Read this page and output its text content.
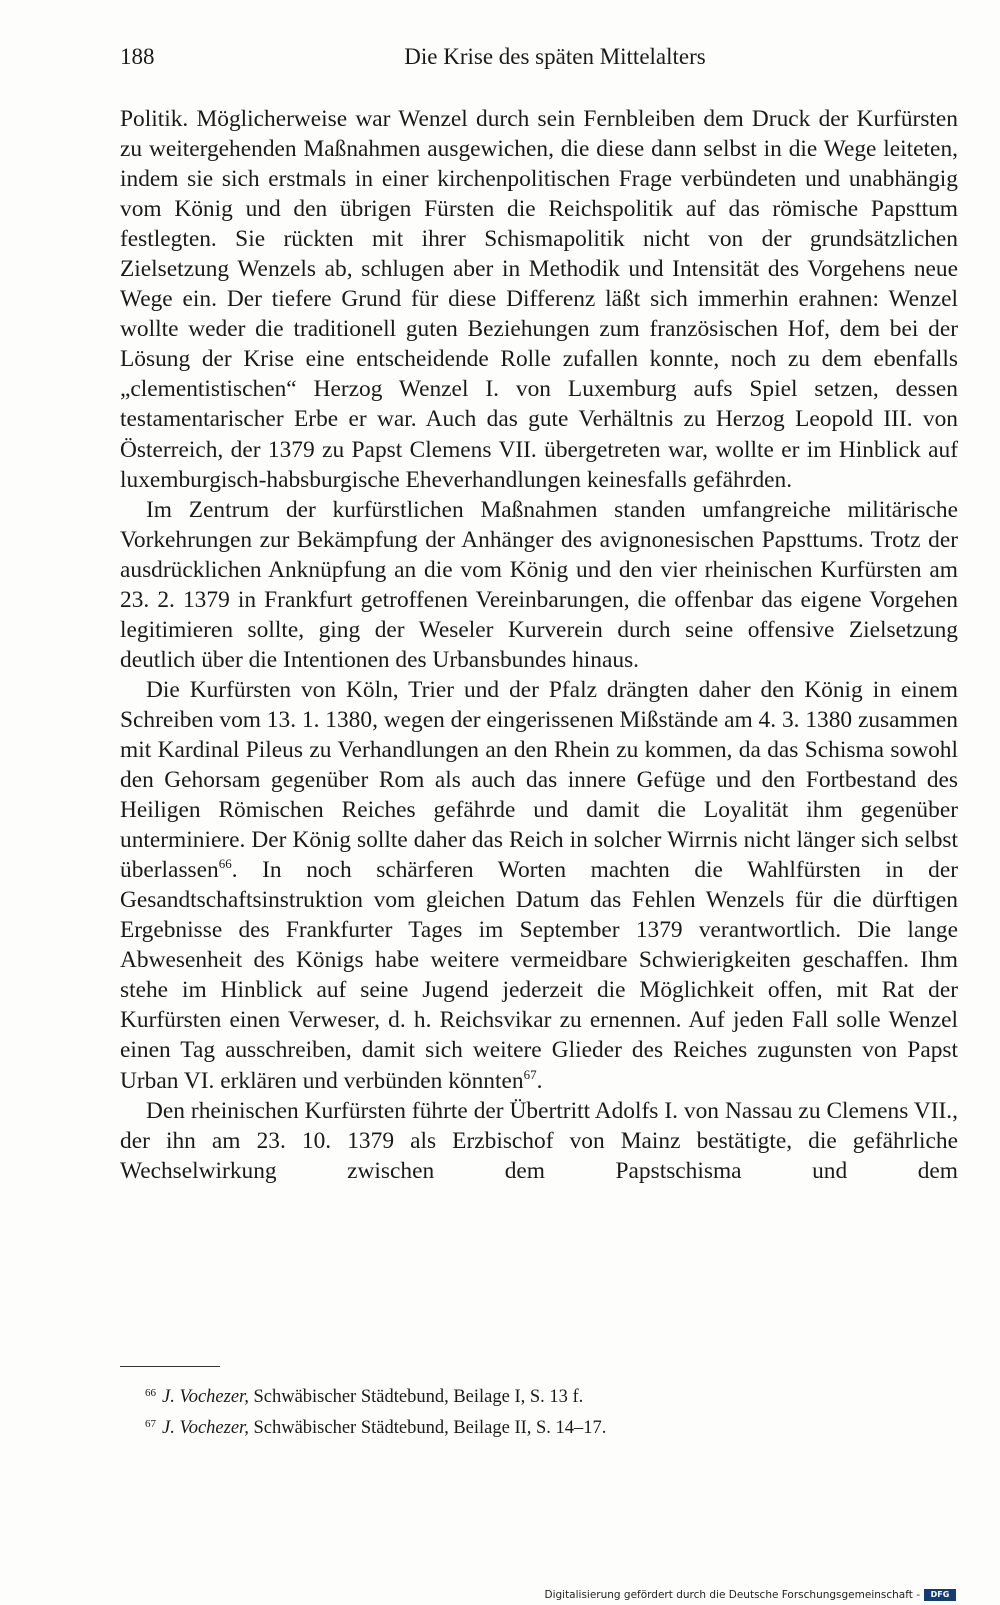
188	Die Krise des späten Mittelalters

Politik. Möglicherweise war Wenzel durch sein Fernbleiben dem Druck der Kurfürsten zu weitergehenden Maßnahmen ausgewichen, die diese dann selbst in die Wege leiteten, indem sie sich erstmals in einer kirchenpolitischen Frage verbündeten und unabhängig vom König und den übrigen Fürsten die Reichspolitik auf das römische Papsttum festlegten. Sie rückten mit ihrer Schismapolitik nicht von der grundsätzlichen Zielsetzung Wenzels ab, schlugen aber in Methodik und Intensität des Vorgehens neue Wege ein. Der tiefere Grund für diese Differenz läßt sich immerhin erahnen: Wenzel wollte weder die traditionell guten Beziehungen zum französischen Hof, dem bei der Lösung der Krise eine entscheidende Rolle zufallen konnte, noch zu dem ebenfalls „clementistischen“ Herzog Wenzel I. von Luxemburg aufs Spiel setzen, dessen testamentarischer Erbe er war. Auch das gute Verhältnis zu Herzog Leopold III. von Österreich, der 1379 zu Papst Clemens VII. übergetreten war, wollte er im Hinblick auf luxemburgisch-habsburgische Eheverhandlungen keinesfalls gefährden.

Im Zentrum der kurfürstlichen Maßnahmen standen umfangreiche militärische Vorkehrungen zur Bekämpfung der Anhänger des avignonesischen Papsttums. Trotz der ausdrücklichen Anknüpfung an die vom König und den vier rheinischen Kurfürsten am 23. 2. 1379 in Frankfurt getroffenen Vereinbarungen, die offenbar das eigene Vorgehen legitimieren sollte, ging der Weseler Kurverein durch seine offensive Zielsetzung deutlich über die Intentionen des Urbansbundes hinaus.

Die Kurfürsten von Köln, Trier und der Pfalz drängten daher den König in einem Schreiben vom 13. 1. 1380, wegen der eingerissenen Mißstände am 4. 3. 1380 zusammen mit Kardinal Pileus zu Verhandlungen an den Rhein zu kommen, da das Schisma sowohl den Gehorsam gegenüber Rom als auch das innere Gefüge und den Fortbestand des Heiligen Römischen Reiches gefährde und damit die Loyalität ihm gegenüber unterminiere. Der König sollte daher das Reich in solcher Wirrnis nicht länger sich selbst überlassen$^{66}$. In noch schärferen Worten machten die Wahlfürsten in der Gesandtschaftsinstruktion vom gleichen Datum das Fehlen Wenzels für die dürftigen Ergebnisse des Frankfurter Tages im September 1379 verantwortlich. Die lange Abwesenheit des Königs habe weitere vermeidbare Schwierigkeiten geschaffen. Ihm stehe im Hinblick auf seine Jugend jederzeit die Möglichkeit offen, mit Rat der Kurfürsten einen Verweser, d. h. Reichsvikar zu ernennen. Auf jeden Fall solle Wenzel einen Tag ausschreiben, damit sich weitere Glieder des Reiches zugunsten von Papst Urban VI. erklären und verbünden könnten$^{67}$.

Den rheinischen Kurfürsten führte der Übertritt Adolfs I. von Nassau zu Clemens VII., der ihn am 23. 10. 1379 als Erzbischof von Mainz bestätigte, die gefährliche Wechselwirkung zwischen dem Papstschisma und dem

$^{66}$ J. Vochezer, Schwäbischer Städtebund, Beilage I, S. 13 f.
$^{67}$ J. Vochezer, Schwäbischer Städtebund, Beilage II, S. 14–17.
Digitalisierung gefördert durch die Deutsche Forschungsgemeinschaft -	DFG
